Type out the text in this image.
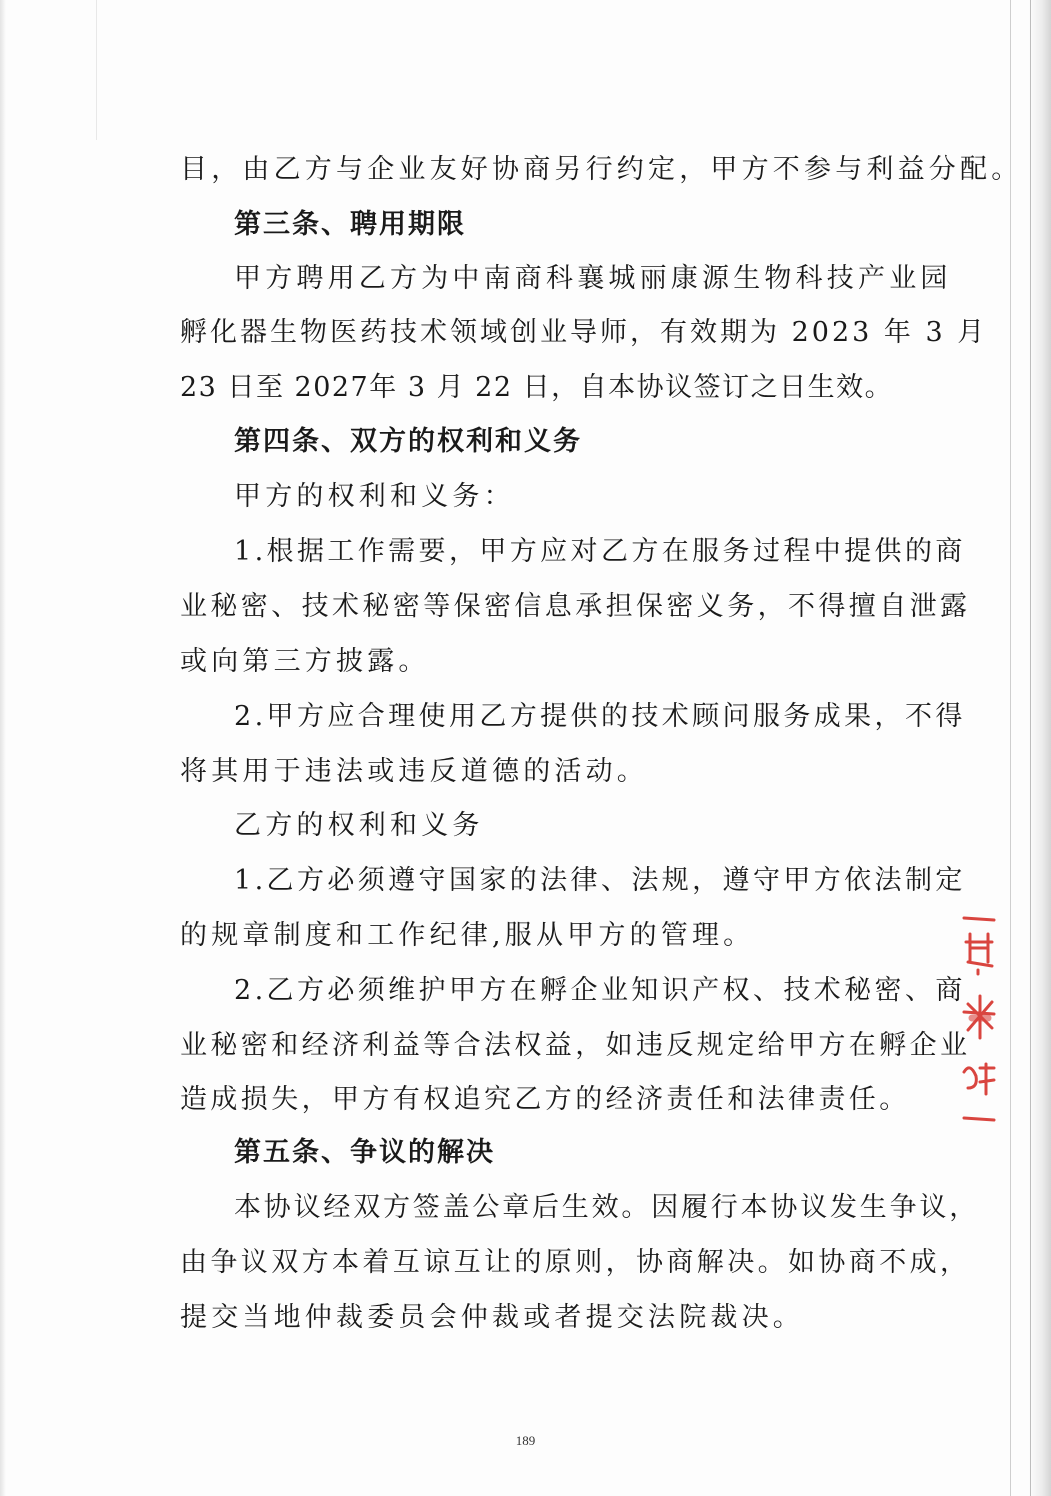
目，由乙方与企业友好协商另行约定，甲方不参与利益分配。
第三条、聘用期限
甲方聘用乙方为中南商科襄城丽康源生物科技产业园
孵化器生物医药技术领域创业导师，有效期为 2023 年 3 月
23 日至 2027年 3 月 22 日，自本协议签订之日生效。
第四条、双方的权利和义务
甲方的权利和义务：
1.根据工作需要，甲方应对乙方在服务过程中提供的商
业秘密、技术秘密等保密信息承担保密义务，不得擅自泄露
或向第三方披露。
2.甲方应合理使用乙方提供的技术顾问服务成果，不得
将其用于违法或违反道德的活动。
乙方的权利和义务
1.乙方必须遵守国家的法律、法规，遵守甲方依法制定
的规章制度和工作纪律,服从甲方的管理。
2.乙方必须维护甲方在孵企业知识产权、技术秘密、商
业秘密和经济利益等合法权益，如违反规定给甲方在孵企业
造成损失，甲方有权追究乙方的经济责任和法律责任。
第五条、争议的解决
本协议经双方签盖公章后生效。因履行本协议发生争议，
由争议双方本着互谅互让的原则，协商解决。如协商不成，
提交当地仲裁委员会仲裁或者提交法院裁决。
189
